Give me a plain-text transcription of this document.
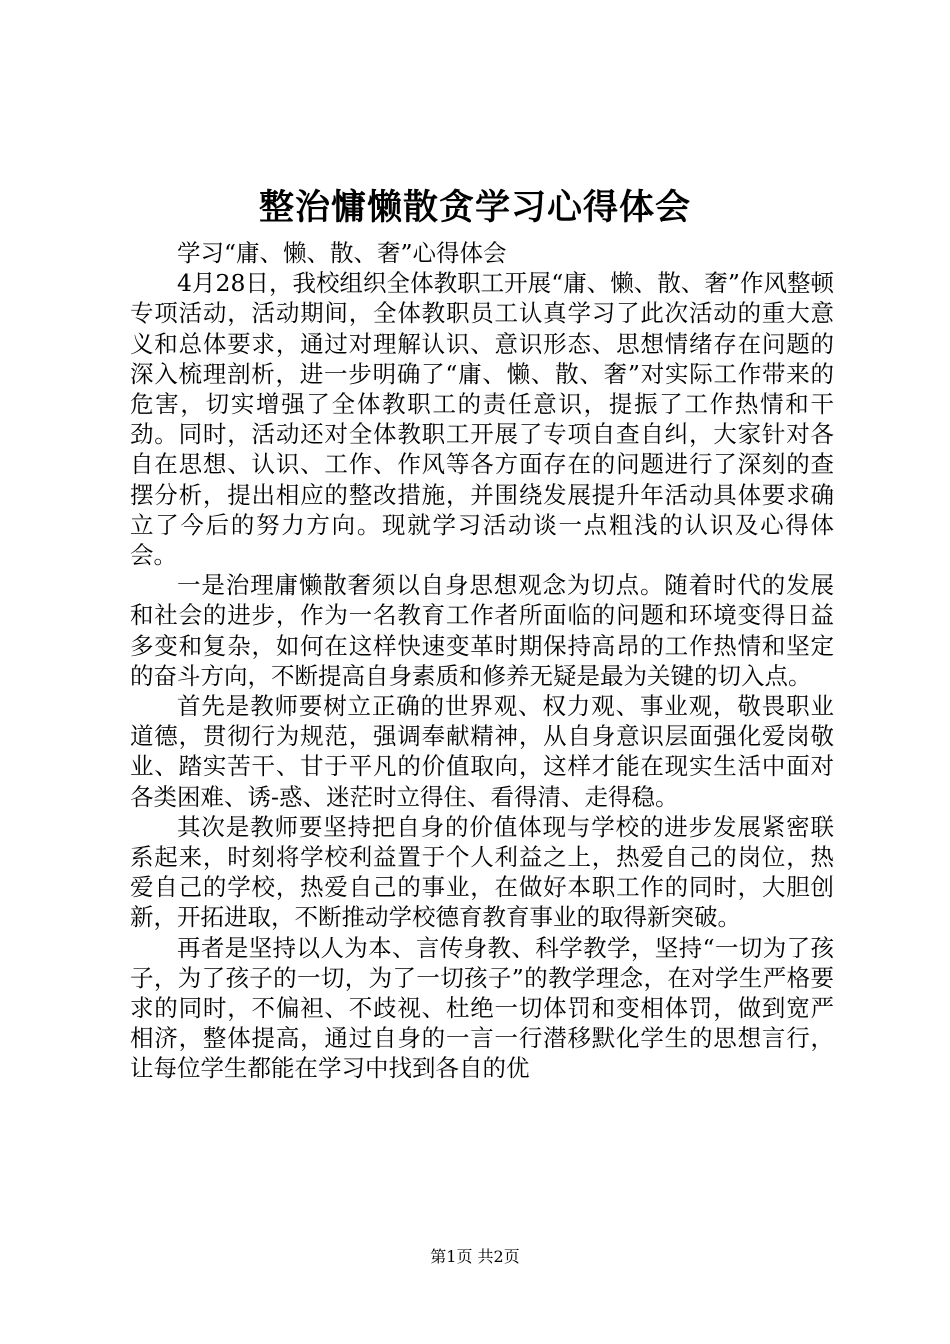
整治慵懒散贪学习心得体会

学习“庸、懒、散、奢”心得体会

4月28日，我校组织全体教职工开展“庸、懒、散、奢”作风整顿专项活动，活动期间，全体教职员工认真学习了此次活动的重大意义和总体要求，通过对理解认识、意识形态、思想情绪存在问题的深入梳理剖析，进一步明确了“庸、懒、散、奢”对实际工作带来的危害，切实增强了全体教职工的责任意识，提振了工作热情和干劲。同时，活动还对全体教职工开展了专项自查自纠，大家针对各自在思想、认识、工作、作风等各方面存在的问题进行了深刻的查摆分析，提出相应的整改措施，并围绕发展提升年活动具体要求确立了今后的努力方向。现就学习活动谈一点粗浅的认识及心得体会。

一是治理庸懒散奢须以自身思想观念为切点。随着时代的发展和社会的进步，作为一名教育工作者所面临的问题和环境变得日益多变和复杂，如何在这样快速变革时期保持高昂的工作热情和坚定的奋斗方向，不断提高自身素质和修养无疑是最为关键的切入点。

首先是教师要树立正确的世界观、权力观、事业观，敬畏职业道德，贯彻行为规范，强调奉献精神，从自身意识层面强化爱岗敬业、踏实苦干、甘于平凡的价值取向，这样才能在现实生活中面对各类困难、诱-惑、迷茫时立得住、看得清、走得稳。

其次是教师要坚持把自身的价值体现与学校的进步发展紧密联系起来，时刻将学校利益置于个人利益之上，热爱自己的岗位，热爱自己的学校，热爱自己的事业，在做好本职工作的同时，大胆创新，开拓进取，不断推动学校德育教育事业的取得新突破。

再者是坚持以人为本、言传身教、科学教学，坚持“一切为了孩子，为了孩子的一切，为了一切孩子”的教学理念，在对学生严格要求的同时，不偏袒、不歧视、杜绝一切体罚和变相体罚，做到宽严相济，整体提高，通过自身的一言一行潜移默化学生的思想言行，让每位学生都能在学习中找到各自的优

第1页 共2页
